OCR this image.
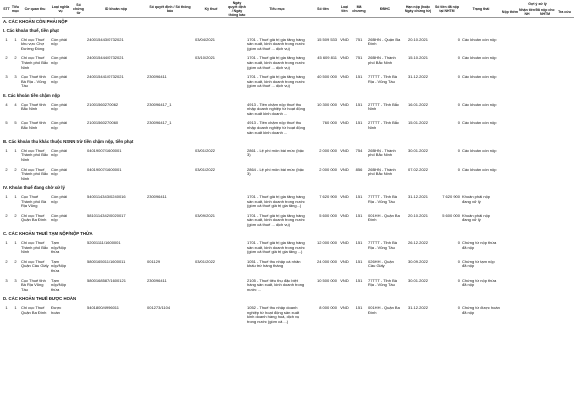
STT	Tiểu mục	Cơ quan thu	Loại nghĩa vụ	Số chứng từ	ID khoản nộp	Số quyết định / Số thông báo	Kỳ thuế	Ngày quyết định / Ngày thông báo	Tiểu mục	Số tiền	Loại tiền	Mã chương	ĐBHC	Hạn nộp (hoặc Ngày chứng từ)	Số tiền đã nộp tại NHTM	Trạng thái	Gợi ý xử lý			
																	Nộp thêm	Nhận tiền NH	Đã nộp cho NHTM	Tra cứu
A. CÁC KHOẢN CÒN PHẢI NỘP																				
I. Các khoản thuế, tiền phạt																				
1	1	Chi cục Thuế khu vực Chợ Đường Đồng	Còn phải nộp		240015443/0732021		03/04/2021		1701 - Thuế giá trị gia tăng hàng sản xuất, kinh doanh trong nước (gồm cả thuế ... dịch vụ)	15 509 533	VND	751	26BHN - Quận Ba Đình	20.10.2021	0	Các khoản còn nộp				
2	2	Chi cục Thuế Thành phố Bắc Ninh	Còn phải nộp		240015444/0732021		03/10/2021		1701 - Thuế giá trị gia tăng hàng sản xuất, kinh doanh trong nước (gồm cả thuế ... dịch vụ)	45 609 811	VND	751	26BHN - Thành phố Bắc Ninh	15.10.2021	0	Các khoản còn nộp				
3	3	Cục Thuế tỉnh Bà Rịa - Vũng Tàu	Còn phải nộp		240015441/0732021	230096411			1701 - Thuế giá trị gia tăng hàng sản xuất, kinh doanh trong nước (gồm cả thuế ... dịch vụ)	40 500 000	VND	151	77TTT - Tỉnh Bà Rịa - Vũng Tàu	31.12.2022	0	Các khoản còn nộp				
II. Các khoản tiền chậm nộp																				
4	4	Cục Thuế tỉnh Bắc Ninh	Còn phải nộp		21001560270062	230096417_1			4913 - Tiền chậm nộp thuế thu nhập doanh nghiệp từ hoạt động sản xuất kinh doanh ...	10 300 000	VND	151	27TTT - Tỉnh Bắc Ninh	16.01.2022	0	Các khoản còn nộp				
5	5	Cục Thuế tỉnh Bắc Ninh	Còn phải nộp		21001560270060	230096417_1			4913 - Tiền chậm nộp thuế thu nhập doanh nghiệp từ hoạt động sản xuất kinh doanh ...	760 000	VND	151	27TTT - Tỉnh Bắc Ninh	15.01.2022	0	Các khoản còn nộp				
B. Các khoản thu khác thuộc NSNN trừ tiền chậm nộp, tiền phạt																				
1	1	Chi cục Thuế Thành phố Bắc Ninh	Còn phải nộp		04019007/1600001		03/01/2022		2861 - Lệ phí môn bài mức (bậc 3)	2 000 000	VND	754	26BHN - Thành phố Bắc Ninh	30.01.2022	0	Các khoản còn nộp				
2	2	Chi cục Thuế Thành phố Bắc Ninh	Còn phải nộp		04019007/1600001		03/01/2022		2864 - Lệ phí môn bài mức (bậc 3)	2 000 000	VND	856	26BHN - Thành phố Bắc Ninh	07.02.2022	0	Các khoản còn nộp				
IV. Khoản thuế đang chờ xử lý																				
1	1	Cục Thuế Thành phố Bà Rịa Vũng	Còn phải nộp		5400114343/0240016	230096411			1701 - Thuế giá trị gia tăng hàng sản xuất, kinh doanh trong nước (gồm cả thuế giá trị gia tăng...)	7 620 900	VND	151	77TTT - Tỉnh Bà Rịa - Vũng Tàu	31.12.2021	7 620 900	Khoản phải nộp đang xử lý				
2	2	Chi cục Thuế Quận Ba Đình	Còn phải nộp		5810114342/0020017		03/09/2021		1701 - Thuế giá trị gia tăng hàng sản xuất, kinh doanh trong nước (gồm cả thuế ... dịch vụ)	5 600 000	VND	151	001HH - Quận Ba Đình	20.10.2021	5 600 000	Khoản phải nộp đang xử lý				
C. CÁC KHOẢN THUẾ TẠM NỘP/NỘP THỪA																				
1	1	Chi cục Thuế Thành phố Bắc Ninh	Tạm nộp/Nộp thừa		52001111/1600001				1701 - Thuế giá trị gia tăng hàng sản xuất, kinh doanh trong nước (gồm cả thuế giá trị gia tăng ...)	12 000 000	VND	151	77TTT - Tỉnh Bà Rịa - Vũng Tàu	26.12.2022	0	Chứng từ nộp thừa đã nộp				
2	2	Chi cục Thuế Quận Cầu Giấy	Tạm nộp/Nộp thừa		5800165011/1600011	001129	03/01/2022		1051 - Thuế thu nhập cá nhân khấu trừ hàng tháng	24 000 000	VND	151	026HH - Quận Cầu Giấy	30.09.2022	0	Chứng từ tạm nộp đã nộp				
3	3	Cục Thuế tỉnh Bà Rịa Vũng Tàu	Tạm nộp/Nộp thừa		5800168587/1600121	230096411			2105 - Thuế tiêu thụ đặc biệt hàng sản xuất, kinh doanh trong nước ...	10 500 000	VND	151	77TTT - Tỉnh Bà Rịa - Vũng Tàu	30.01.2022	0	Chứng từ nộp thừa đã nộp				
D. CÁC KHOẢN THUẾ ĐƯỢC HOÀN																				
1	1	Chi cục Thuế Quận Ba Đình	Được hoàn		5401800/4996011	001273/1104			1052 - Thuế thu nhập doanh nghiệp từ hoạt động sản xuất kinh doanh hàng hoá, dịch vụ trong nước (gồm cả ...)	8 000 000	VND	151	001HH - Quận Ba Đình	31.12.2022	0	Chứng từ được hoàn đã nộp				
